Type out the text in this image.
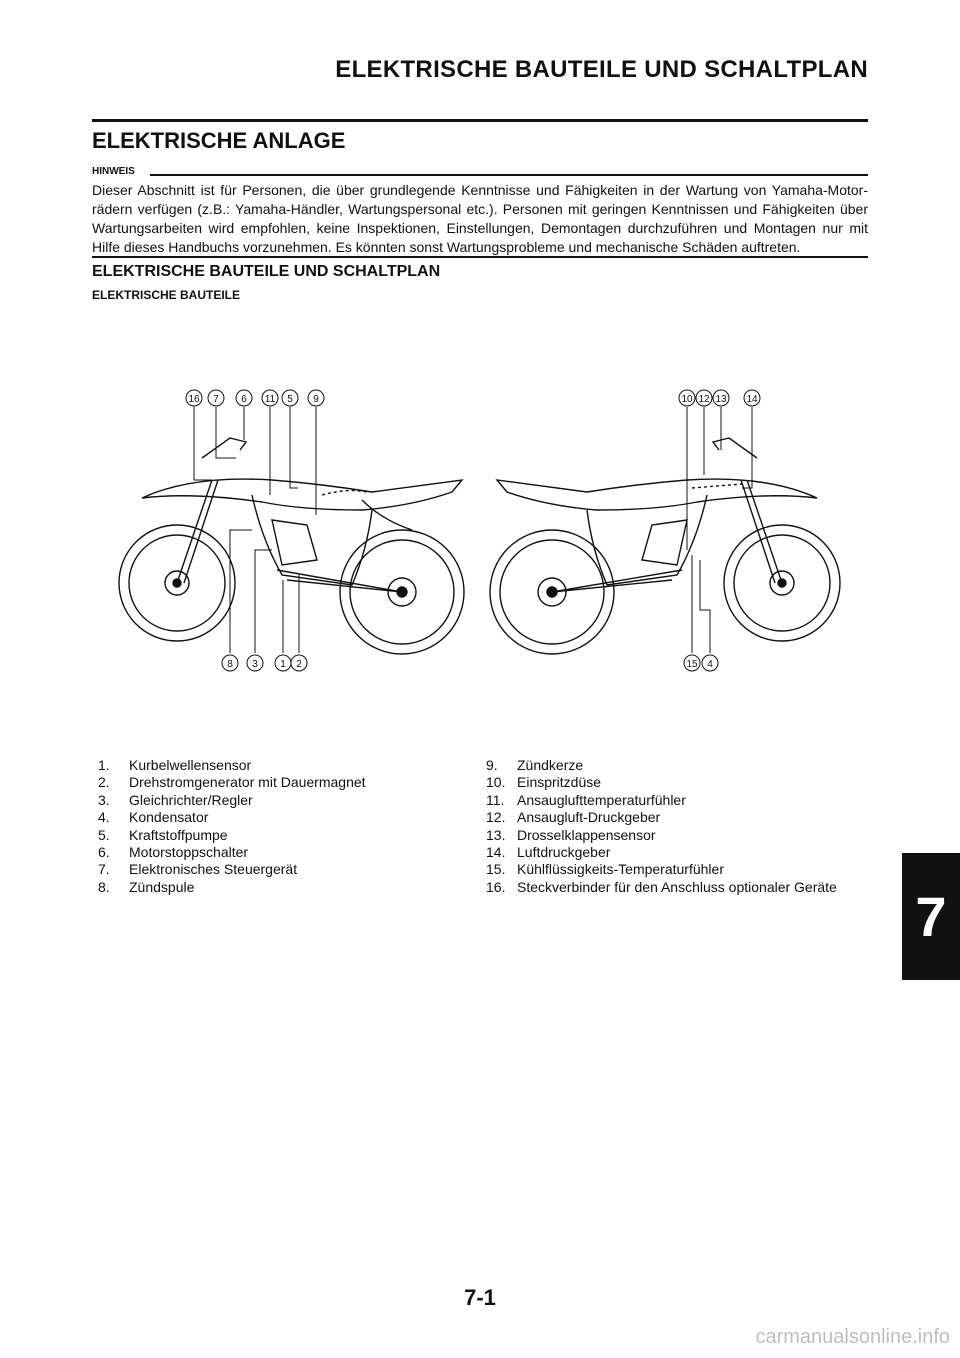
ELEKTRISCHE BAUTEILE UND SCHALTPLAN
ELEKTRISCHE ANLAGE
HINWEIS
Dieser Abschnitt ist für Personen, die über grundlegende Kenntnisse und Fähigkeiten in der Wartung von Yamaha-Motor-rädern verfügen (z.B.: Yamaha-Händler, Wartungspersonal etc.). Personen mit geringen Kenntnissen und Fähigkeiten über Wartungsarbeiten wird empfohlen, keine Inspektionen, Einstellungen, Demontagen durchzuführen und Montagen nur mit Hilfe dieses Handbuchs vorzunehmen. Es könnten sonst Wartungsprobleme und mechanische Schäden auftreten.
ELEKTRISCHE BAUTEILE UND SCHALTPLAN
ELEKTRISCHE BAUTEILE
16 7 6 11 5 9
8 3 1 2
10 12 13 14
15 4
1.	Kurbelwellensensor
2.	Drehstromgenerator mit Dauermagnet
3.	Gleichrichter/Regler
4.	Kondensator
5.	Kraftstoffpumpe
6.	Motorstoppschalter
7.	Elektronisches Steuergerät
8.	Zündspule
9.	Zündkerze
10. Einspritzdüse
11. Ansauglufttemperaturfühler
12. Ansaugluft-Druckgeber
13. Drosselklappensensor
14. Luftdruckgeber
15. Kühlflüssigkeits-Temperaturfühler
16. Steckverbinder für den Anschluss optionaler Geräte 7
7-1
carmanualsonline.info
